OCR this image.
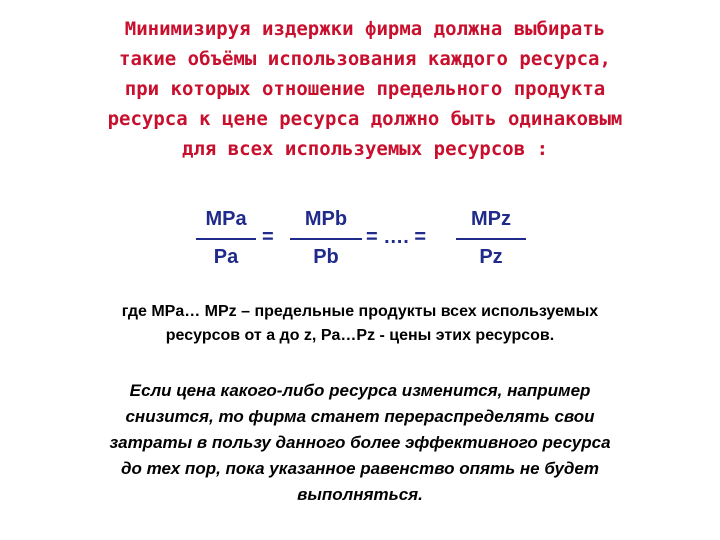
Минимизируя издержки фирма должна выбирать
такие объёмы использования каждого ресурса,
при которых отношение предельного продукта
ресурса к цене ресурса должно быть одинаковым
для всех используемых ресурсов :
MPa
Pa
=
MPb
Pb
= …. =
MPz
Pz
где MPa… MPz – предельные продукты всех используемых
ресурсов от а до z, Pa…Pz - цены этих ресурсов.
Если цена какого-либо ресурса изменится, например
снизится, то фирма станет перераспределять свои
затраты в пользу данного более эффективного ресурса
до тех пор, пока указанное равенство опять не будет
выполняться.
